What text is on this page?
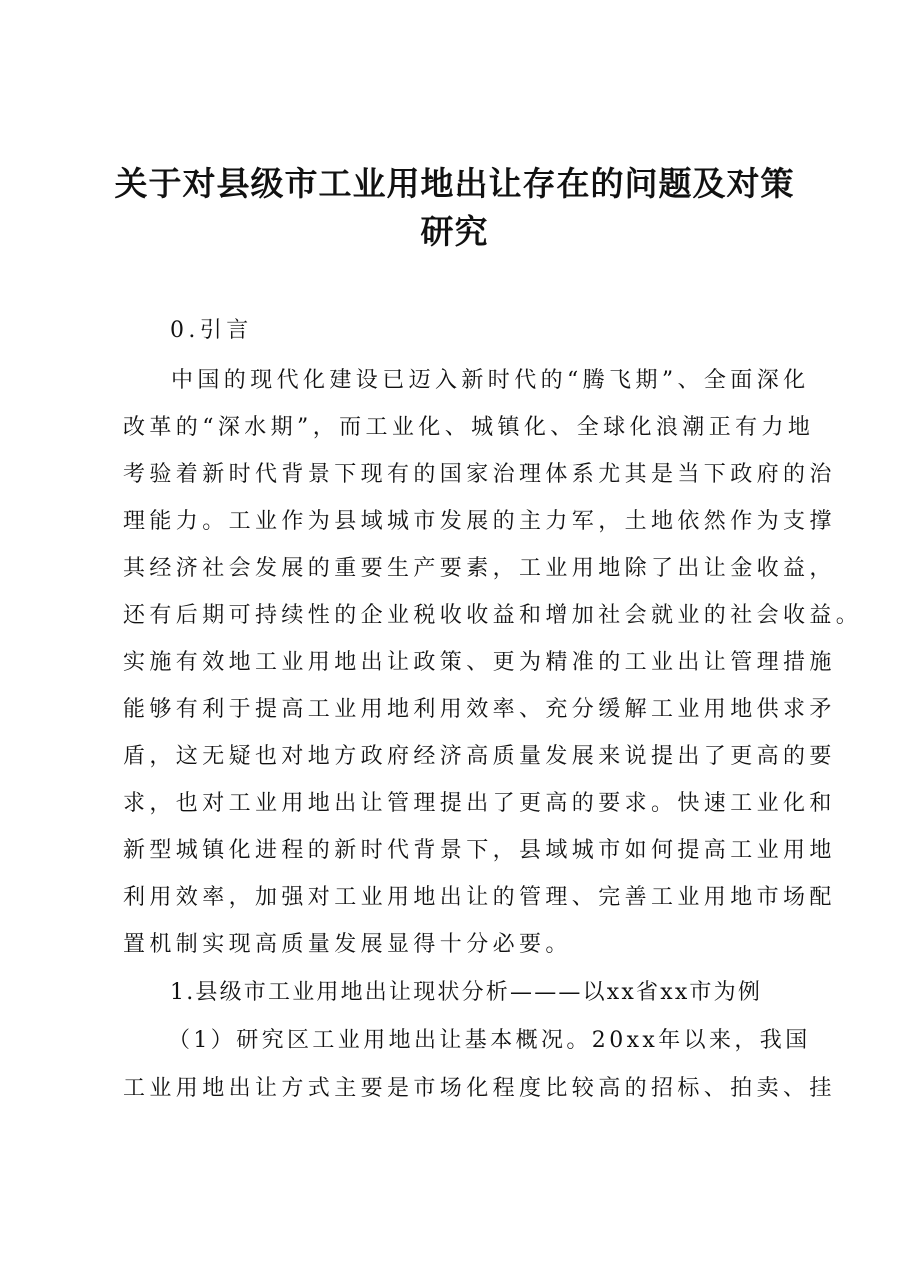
关于对县级市工业用地出让存在的问题及对策
研究
0.引言
中国的现代化建设已迈入新时代的“腾飞期”、全面深化
改革的“深水期”，而工业化、城镇化、全球化浪潮正有力地
考验着新时代背景下现有的国家治理体系尤其是当下政府的治
理能力。工业作为县域城市发展的主力军，土地依然作为支撑
其经济社会发展的重要生产要素，工业用地除了出让金收益，
还有后期可持续性的企业税收收益和增加社会就业的社会收益。
实施有效地工业用地出让政策、更为精准的工业出让管理措施
能够有利于提高工业用地利用效率、充分缓解工业用地供求矛
盾，这无疑也对地方政府经济高质量发展来说提出了更高的要
求，也对工业用地出让管理提出了更高的要求。快速工业化和
新型城镇化进程的新时代背景下，县域城市如何提高工业用地
利用效率，加强对工业用地出让的管理、完善工业用地市场配
置机制实现高质量发展显得十分必要。
1.县级市工业用地出让现状分析———以xx省xx市为例
（1）研究区工业用地出让基本概况。20xx年以来，我国
工业用地出让方式主要是市场化程度比较高的招标、拍卖、挂
